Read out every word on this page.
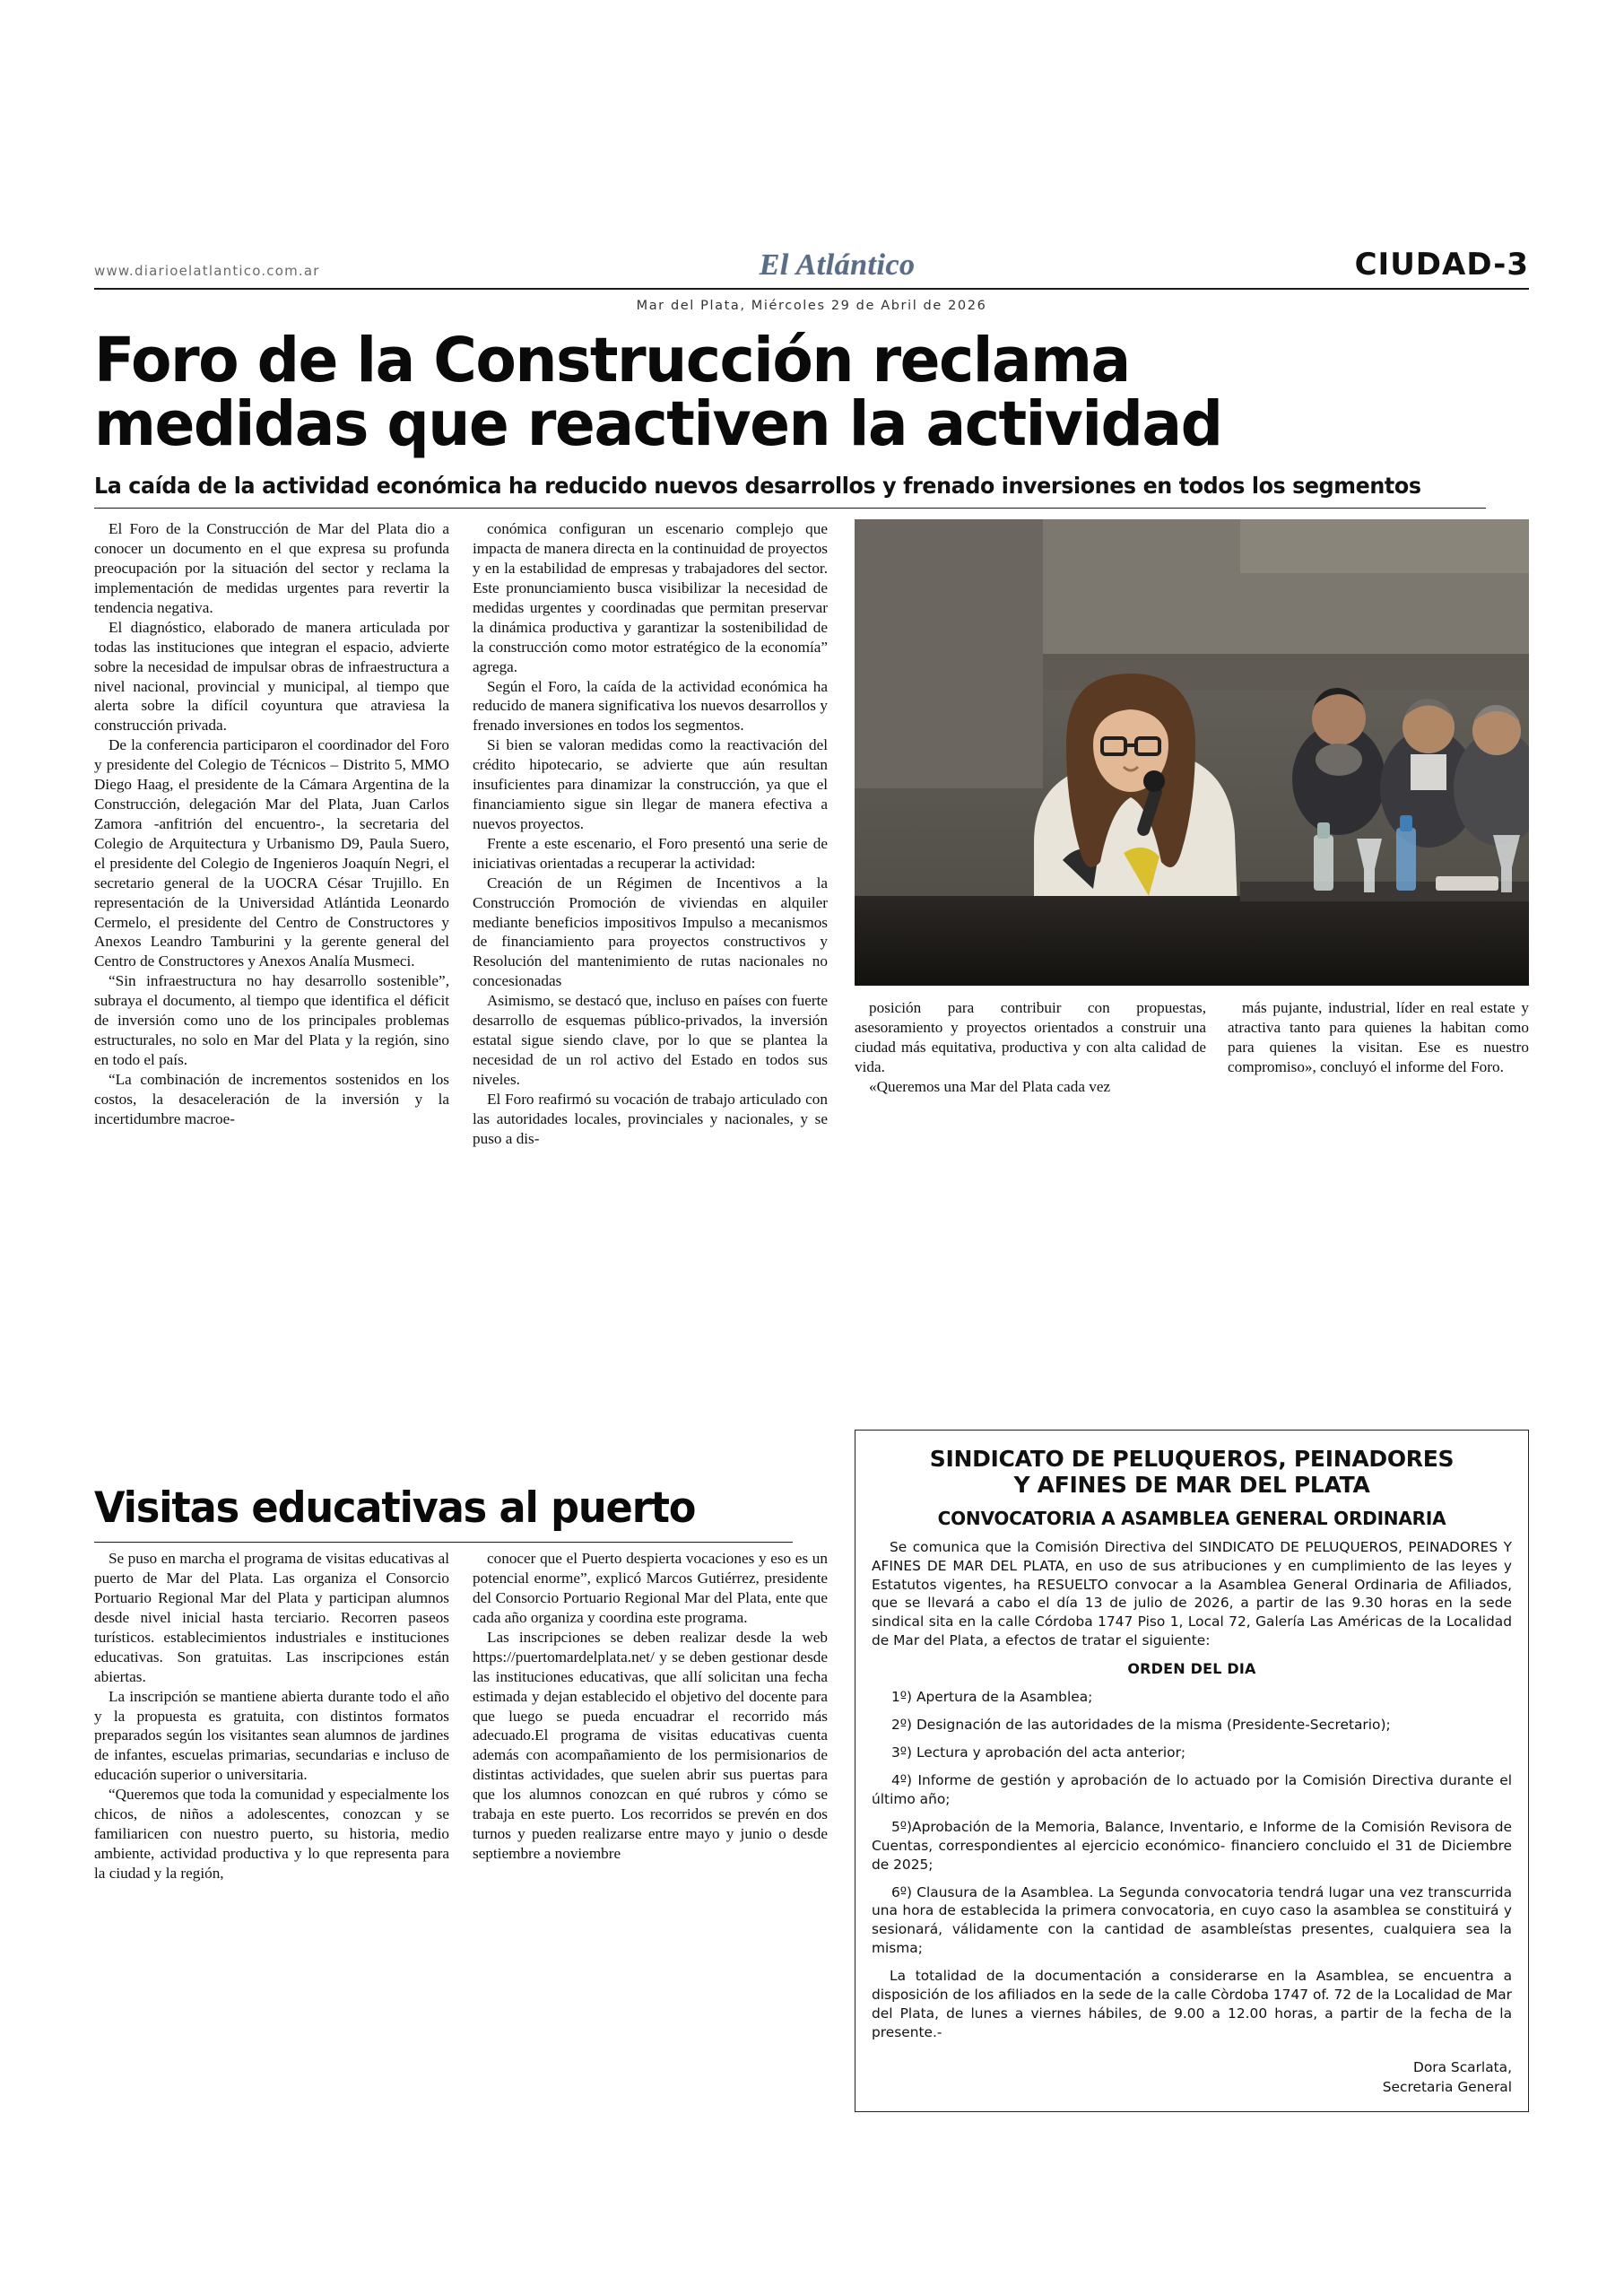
www.diarioelatlantico.com.ar	El Atlántico	CIUDAD-3
Mar del Plata, Miércoles 29 de Abril de 2026
Foro de la Construcción reclama
medidas que reactiven la actividad
La caída de la actividad económica ha reducido nuevos desarrollos y frenado inversiones en todos los segmentos

El Foro de la Construcción de Mar del Plata dio a conocer un documento en el que expresa su profunda preocupación por la situación del sector y reclama la implementación de medidas urgentes para revertir la tendencia negativa.

El diagnóstico, elaborado de manera articulada por todas las instituciones que integran el espacio, advierte sobre la necesidad de impulsar obras de infraestructura a nivel nacional, provincial y municipal, al tiempo que alerta sobre la difícil coyuntura que atraviesa la construcción privada.

De la conferencia participaron el coordinador del Foro y presidente del Colegio de Técnicos – Distrito 5, MMO Diego Haag, el presidente de la Cámara Argentina de la Construcción, delegación Mar del Plata, Juan Carlos Zamora -anfitrión del encuentro-, la secretaria del Colegio de Arquitectura y Urbanismo D9, Paula Suero, el presidente del Colegio de Ingenieros Joaquín Negri, el secretario general de la UOCRA César Trujillo. En representación de la Universidad Atlántida Leonardo Cermelo, el presidente del Centro de Constructores y Anexos Leandro Tamburini y la gerente general del Centro de Constructores y Anexos Analía Musmeci.

“Sin infraestructura no hay desarrollo sostenible”, subraya el documento, al tiempo que identifica el déficit de inversión como uno de los principales problemas estructurales, no solo en Mar del Plata y la región, sino en todo el país.

“La combinación de incrementos sostenidos en los costos, la desaceleración de la inversión y la incertidumbre macroe-

conómica configuran un escenario complejo que impacta de manera directa en la continuidad de proyectos y en la estabilidad de empresas y trabajadores del sector. Este pronunciamiento busca visibilizar la necesidad de medidas urgentes y coordinadas que permitan preservar la dinámica productiva y garantizar la sostenibilidad de la construcción como motor estratégico de la economía” agrega.

Según el Foro, la caída de la actividad económica ha reducido de manera significativa los nuevos desarrollos y frenado inversiones en todos los segmentos.

Si bien se valoran medidas como la reactivación del crédito hipotecario, se advierte que aún resultan insuficientes para dinamizar la construcción, ya que el financiamiento sigue sin llegar de manera efectiva a nuevos proyectos.

Frente a este escenario, el Foro presentó una serie de iniciativas orientadas a recuperar la actividad:

Creación de un Régimen de Incentivos a la Construcción Promoción de viviendas en alquiler mediante beneficios impositivos Impulso a mecanismos de financiamiento para proyectos constructivos y Resolución del mantenimiento de rutas nacionales no concesionadas

Asimismo, se destacó que, incluso en países con fuerte desarrollo de esquemas público-privados, la inversión estatal sigue siendo clave, por lo que se plantea la necesidad de un rol activo del Estado en todos sus niveles.

El Foro reafirmó su vocación de trabajo articulado con las autoridades locales, provinciales y nacionales, y se puso a dis-

posición para contribuir con propuestas, asesoramiento y proyectos orientados a construir una ciudad más equitativa, productiva y con alta calidad de vida.

«Queremos una Mar del Plata cada vez

más pujante, industrial, líder en real estate y atractiva tanto para quienes la habitan como para quienes la visitan. Ese es nuestro compromiso», concluyó el informe del Foro.

Visitas educativas al puerto

Se puso en marcha el programa de visitas educativas al puerto de Mar del Plata. Las organiza el Consorcio Portuario Regional Mar del Plata y participan alumnos desde nivel inicial hasta terciario. Recorren paseos turísticos. establecimientos industriales e instituciones educativas. Son gratuitas. Las inscripciones están abiertas.

La inscripción se mantiene abierta durante todo el año y la propuesta es gratuita, con distintos formatos preparados según los visitantes sean alumnos de jardines de infantes, escuelas primarias, secundarias e incluso de educación superior o universitaria.

“Queremos que toda la comunidad y especialmente los chicos, de niños a adolescentes, conozcan y se familiaricen con nuestro puerto, su historia, medio ambiente, actividad productiva y lo que representa para la ciudad y la región,

conocer que el Puerto despierta vocaciones y eso es un potencial enorme”, explicó Marcos Gutiérrez, presidente del Consorcio Portuario Regional Mar del Plata, ente que cada año organiza y coordina este programa.

Las inscripciones se deben realizar desde la web https://puertomardelplata.net/ y se deben gestionar desde las instituciones educativas, que allí solicitan una fecha estimada y dejan establecido el objetivo del docente para que luego se pueda encuadrar el recorrido más adecuado.El programa de visitas educativas cuenta además con acompañamiento de los permisionarios de distintas actividades, que suelen abrir sus puertas para que los alumnos conozcan en qué rubros y cómo se trabaja en este puerto. Los recorridos se prevén en dos turnos y pueden realizarse entre mayo y junio o desde septiembre a noviembre

SINDICATO DE PELUQUEROS, PEINADORES
Y AFINES DE MAR DEL PLATA
CONVOCATORIA A ASAMBLEA GENERAL ORDINARIA

Se comunica que la Comisión Directiva del SINDICATO DE PELUQUEROS, PEINADORES Y AFINES DE MAR DEL PLATA, en uso de sus atribuciones y en cumplimiento de las leyes y Estatutos vigentes, ha RESUELTO convocar a la Asamblea General Ordinaria de Afiliados, que se llevará a cabo el día 13 de julio de 2026, a partir de las 9.30 horas en la sede sindical sita en la calle Córdoba 1747 Piso 1, Local 72, Galería Las Américas de la Localidad de Mar del Plata, a efectos de tratar el siguiente:

ORDEN DEL DIA

1º) Apertura de la Asamblea;

2º) Designación de las autoridades de la misma (Presidente-Secretario);

3º) Lectura y aprobación del acta anterior;

4º) Informe de gestión y aprobación de lo actuado por la Comisión Directiva durante el último año;

5º)Aprobación de la Memoria, Balance, Inventario, e Informe de la Comisión Revisora de Cuentas, correspondientes al ejercicio económico- financiero concluido el 31 de Diciembre de 2025;

6º) Clausura de la Asamblea. La Segunda convocatoria tendrá lugar una vez transcurrida una hora de establecida la primera convocatoria, en cuyo caso la asamblea se constituirá y sesionará, válidamente con la cantidad de asambleístas presentes, cualquiera sea la misma;

La totalidad de la documentación a considerarse en la Asamblea, se encuentra a disposición de los afiliados en la sede de la calle Còrdoba 1747 of. 72 de la Localidad de Mar del Plata, de lunes a viernes hábiles, de 9.00 a 12.00 horas, a partir de la fecha de la presente.-

Dora Scarlata,
Secretaria General
